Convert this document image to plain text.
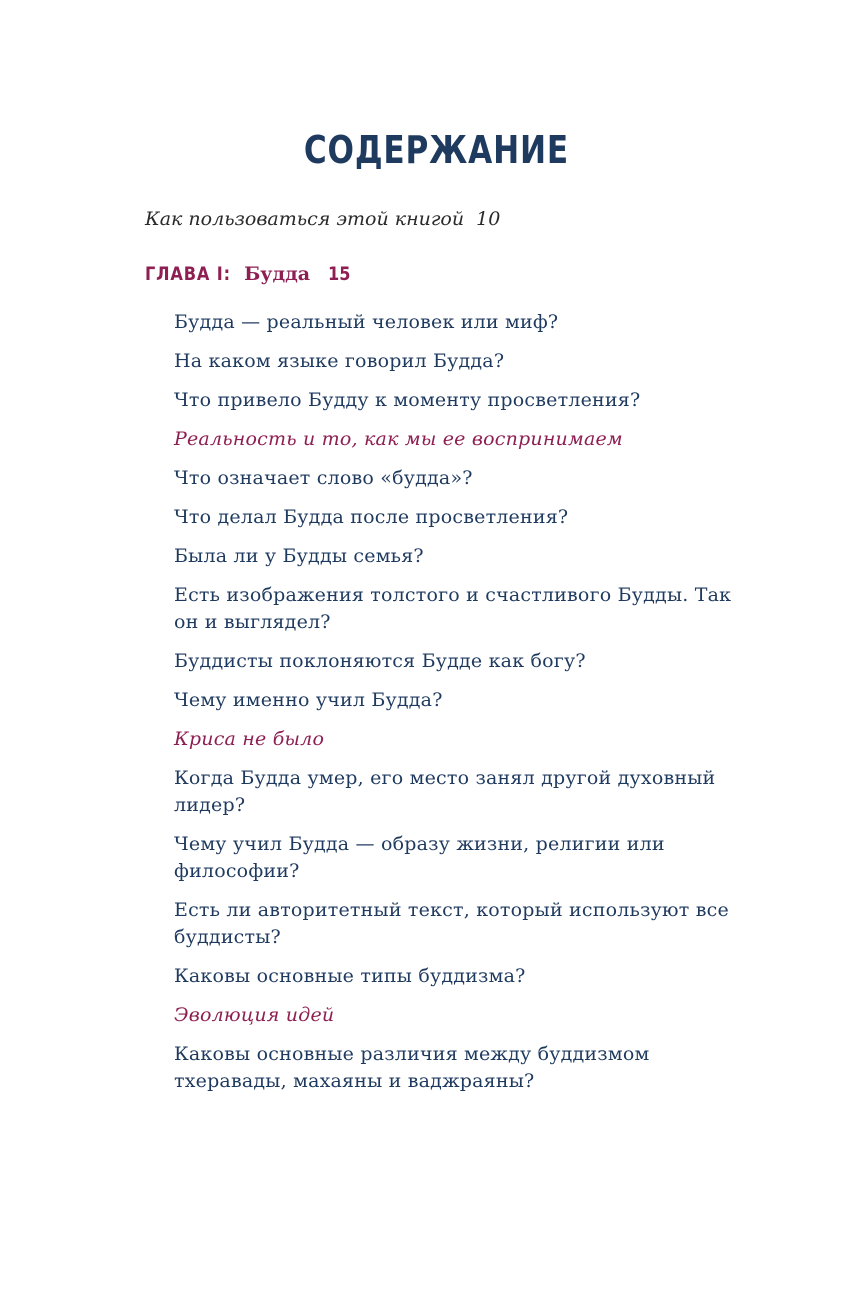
СОДЕРЖАНИЕ
Как пользоваться этой книгой 10
ГЛАВА I: Будда 15
Будда — реальный человек или миф?
На каком языке говорил Будда?
Что привело Будду к моменту просветления?
Реальность и то, как мы ее воспринимаем
Что означает слово «будда»?
Что делал Будда после просветления?
Была ли у Будды семья?
Есть изображения толстого и счастливого Будды. Так он и выглядел?
Буддисты поклоняются Будде как богу?
Чему именно учил Будда?
Криса не было
Когда Будда умер, его место занял другой духовный лидер?
Чему учил Будда — образу жизни, религии или философии?
Есть ли авторитетный текст, который используют все буддисты?
Каковы основные типы буддизма?
Эволюция идей
Каковы основные различия между буддизмом тхеравады, махаяны и ваджраяны?
